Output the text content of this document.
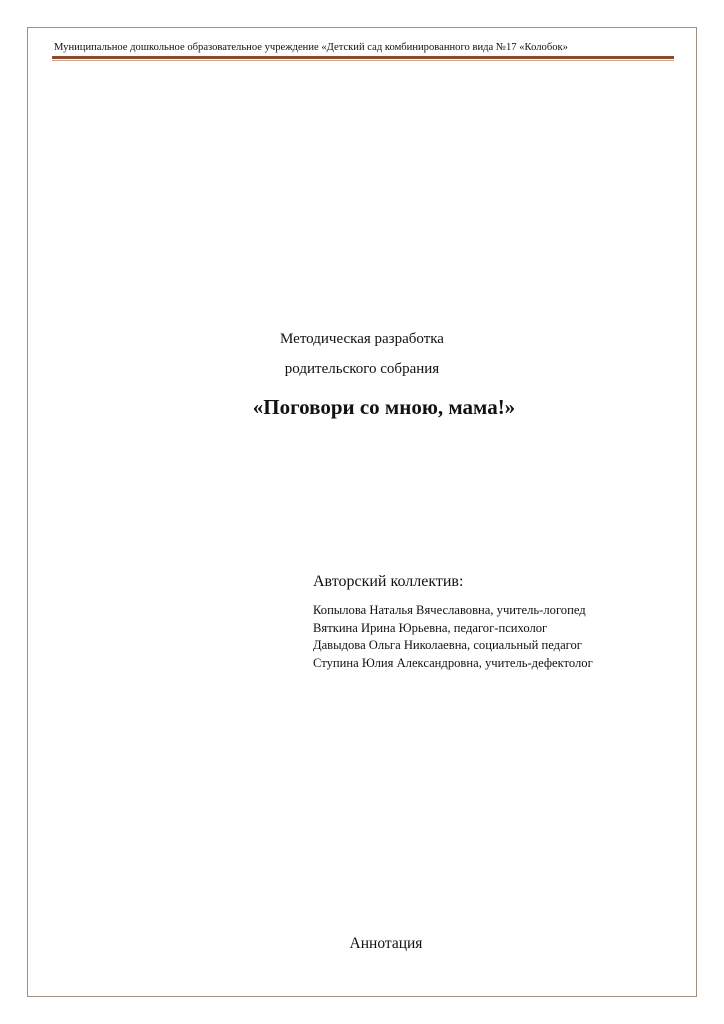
Муниципальное дошкольное образовательное учреждение «Детский сад комбинированного вида №17 «Колобок»
Методическая разработка
родительского собрания
«Поговори со мною, мама!»
Авторский коллектив:
Копылова Наталья Вячеславовна, учитель-логопед
Вяткина Ирина Юрьевна, педагог-психолог
Давыдова Ольга Николаевна, социальный педагог
Ступина Юлия Александровна, учитель-дефектолог
Аннотация
